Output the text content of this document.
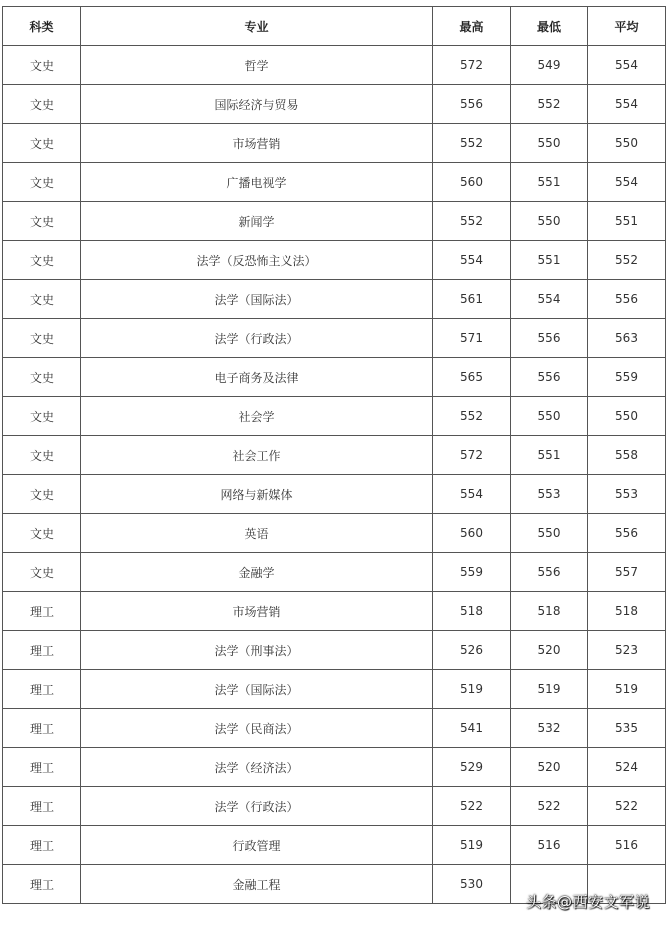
科类	专业	最高	最低	平均
文史	哲学	572	549	554
文史	国际经济与贸易	556	552	554
文史	市场营销	552	550	550
文史	广播电视学	560	551	554
文史	新闻学	552	550	551
文史	法学（反恐怖主义法）	554	551	552
文史	法学（国际法）	561	554	556
文史	法学（行政法）	571	556	563
文史	电子商务及法律	565	556	559
文史	社会学	552	550	550
文史	社会工作	572	551	558
文史	网络与新媒体	554	553	553
文史	英语	560	550	556
文史	金融学	559	556	557
理工	市场营销	518	518	518
理工	法学（刑事法）	526	520	523
理工	法学（国际法）	519	519	519
理工	法学（民商法）	541	532	535
理工	法学（经济法）	529	520	524
理工	法学（行政法）	522	522	522
理工	行政管理	519	516	516
理工	金融工程	530		
头条@西安文军说
